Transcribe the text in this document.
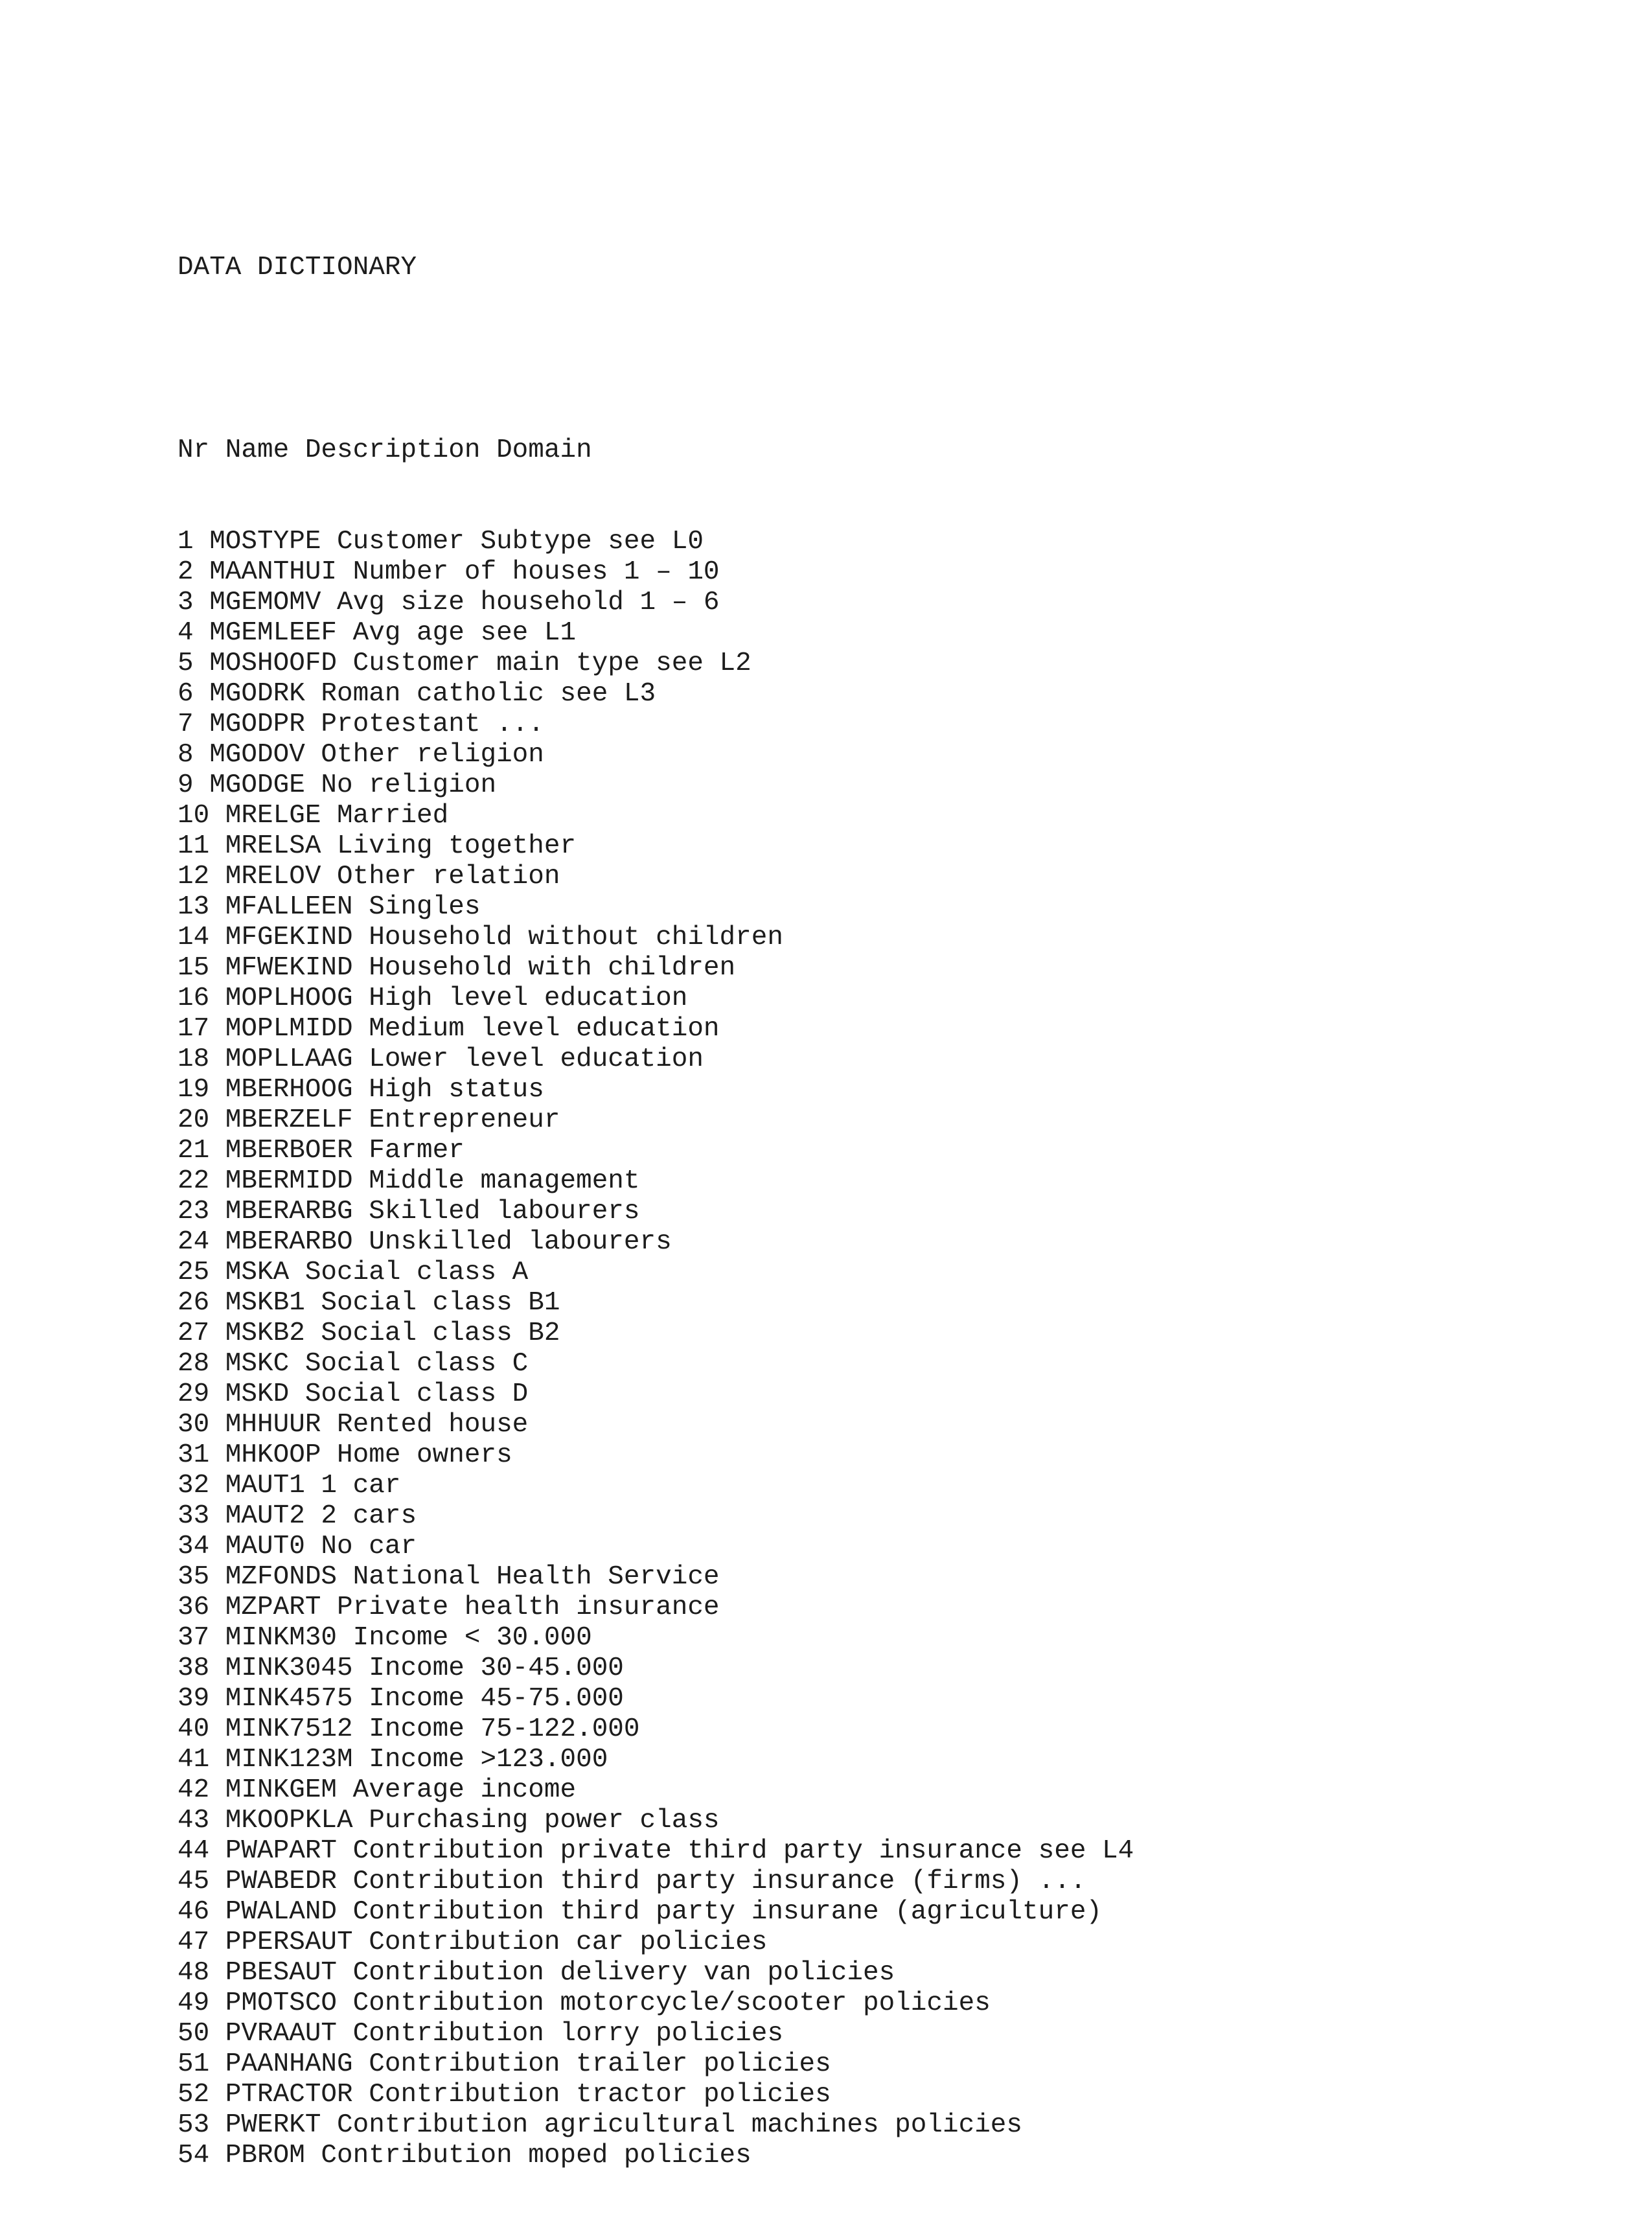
DATA DICTIONARY

Nr Name Description Domain

1 MOSTYPE Customer Subtype see L0
2 MAANTHUI Number of houses 1 – 10
3 MGEMOMV Avg size household 1 – 6
4 MGEMLEEF Avg age see L1
5 MOSHOOFD Customer main type see L2
6 MGODRK Roman catholic see L3
7 MGODPR Protestant ...
8 MGODOV Other religion
9 MGODGE No religion
10 MRELGE Married
11 MRELSA Living together
12 MRELOV Other relation
13 MFALLEEN Singles
14 MFGEKIND Household without children
15 MFWEKIND Household with children
16 MOPLHOOG High level education
17 MOPLMIDD Medium level education
18 MOPLLAAG Lower level education
19 MBERHOOG High status
20 MBERZELF Entrepreneur
21 MBERBOER Farmer
22 MBERMIDD Middle management
23 MBERARBG Skilled labourers
24 MBERARBO Unskilled labourers
25 MSKA Social class A
26 MSKB1 Social class B1
27 MSKB2 Social class B2
28 MSKC Social class C
29 MSKD Social class D
30 MHHUUR Rented house
31 MHKOOP Home owners
32 MAUT1 1 car
33 MAUT2 2 cars
34 MAUT0 No car
35 MZFONDS National Health Service
36 MZPART Private health insurance
37 MINKM30 Income < 30.000
38 MINK3045 Income 30-45.000
39 MINK4575 Income 45-75.000
40 MINK7512 Income 75-122.000
41 MINK123M Income >123.000
42 MINKGEM Average income
43 MKOOPKLA Purchasing power class
44 PWAPART Contribution private third party insurance see L4
45 PWABEDR Contribution third party insurance (firms) ...
46 PWALAND Contribution third party insurane (agriculture)
47 PPERSAUT Contribution car policies
48 PBESAUT Contribution delivery van policies
49 PMOTSCO Contribution motorcycle/scooter policies
50 PVRAAUT Contribution lorry policies
51 PAANHANG Contribution trailer policies
52 PTRACTOR Contribution tractor policies
53 PWERKT Contribution agricultural machines policies
54 PBROM Contribution moped policies
